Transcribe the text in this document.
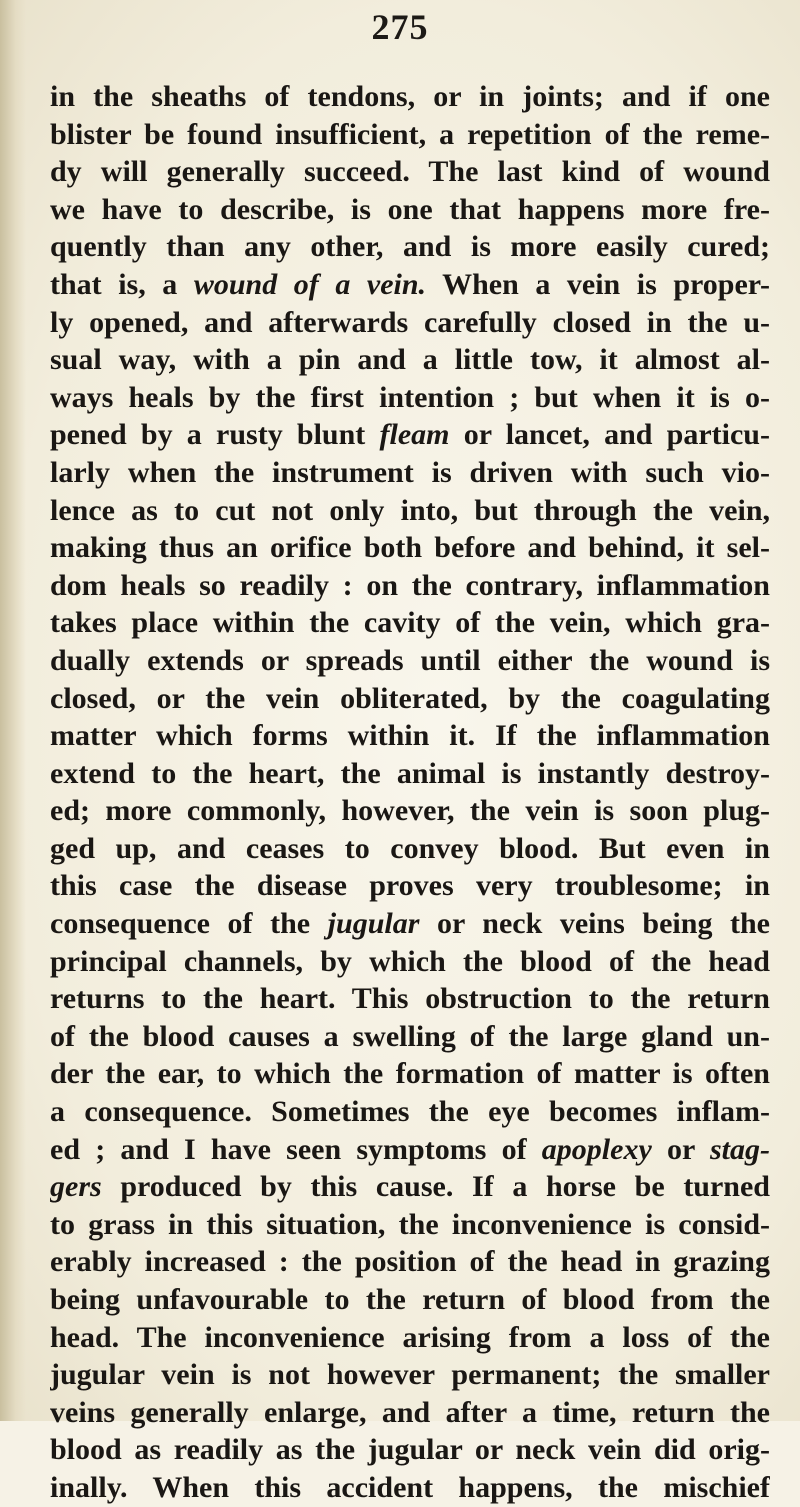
275
in the sheaths of tendons, or in joints; and if one
blister be found insufficient, a repetition of the reme-
dy will generally succeed. The last kind of wound
we have to describe, is one that happens more fre-
quently than any other, and is more easily cured;
that is, a wound of a vein. When a vein is proper-
ly opened, and afterwards carefully closed in the u-
sual way, with a pin and a little tow, it almost al-
ways heals by the first intention ; but when it is o-
pened by a rusty blunt fleam or lancet, and particu-
larly when the instrument is driven with such vio-
lence as to cut not only into, but through the vein,
making thus an orifice both before and behind, it sel-
dom heals so readily : on the contrary, inflammation
takes place within the cavity of the vein, which gra-
dually extends or spreads until either the wound is
closed, or the vein obliterated, by the coagulating
matter which forms within it. If the inflammation
extend to the heart, the animal is instantly destroy-
ed; more commonly, however, the vein is soon plug-
ged up, and ceases to convey blood. But even in
this case the disease proves very troublesome; in
consequence of the jugular or neck veins being the
principal channels, by which the blood of the head
returns to the heart. This obstruction to the return
of the blood causes a swelling of the large gland un-
der the ear, to which the formation of matter is often
a consequence. Sometimes the eye becomes inflam-
ed ; and I have seen symptoms of apoplexy or stag-
gers produced by this cause. If a horse be turned
to grass in this situation, the inconvenience is consid-
erably increased : the position of the head in grazing
being unfavourable to the return of blood from the
head. The inconvenience arising from a loss of the
jugular vein is not however permanent; the smaller
veins generally enlarge, and after a time, return the
blood as readily as the jugular or neck vein did orig-
inally. When this accident happens, the mischief
